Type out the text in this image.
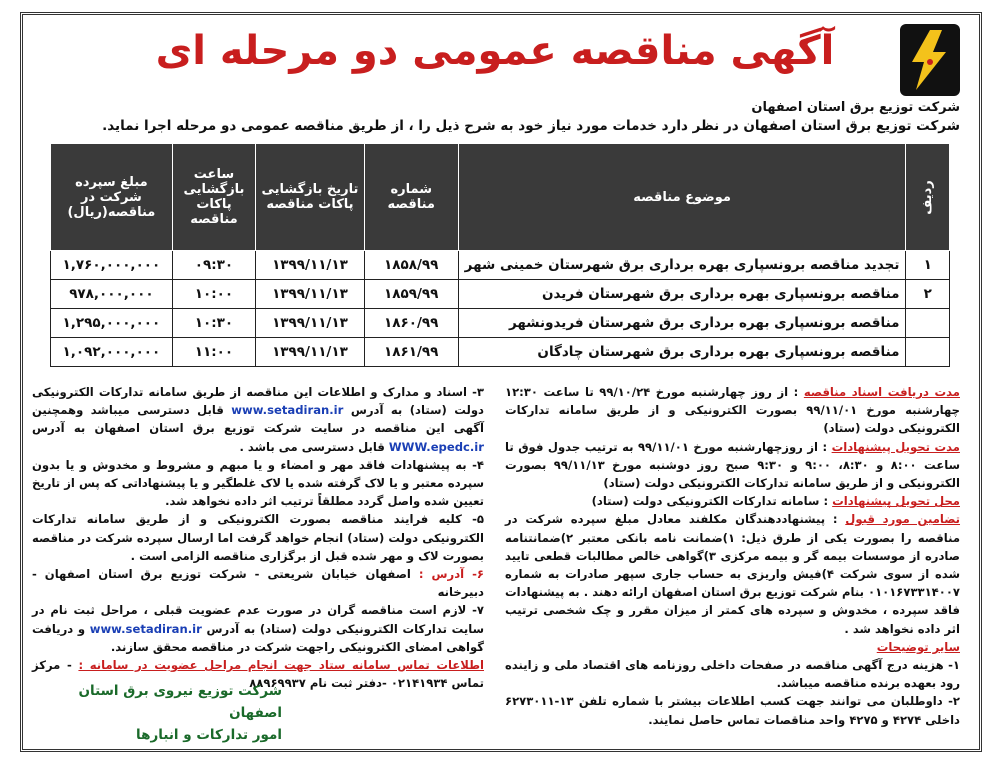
آگهی مناقصه عمومی دو مرحله ای
شرکت توزیع برق استان اصفهان
شرکت توزیع برق استان اصفهان در نظر دارد خدمات مورد نیاز خود به شرح ذیل را ، از طریق مناقصه عمومی دو مرحله اجرا نماید.
ردیف	موضوع مناقصه	شماره مناقصه	تاریخ بازگشایی پاکات مناقصه	ساعت بازگشایی پاکات مناقصه	مبلغ سپرده شرکت در مناقصه(ریال)
۱	تجدید مناقصه برونسپاری بهره برداری برق شهرستان خمینی شهر	۱۸۵۸/۹۹	۱۳۹۹/۱۱/۱۳	۰۹:۳۰	۱,۷۶۰,۰۰۰,۰۰۰
۲	مناقصه برونسپاری بهره برداری برق شهرستان فریدن	۱۸۵۹/۹۹	۱۳۹۹/۱۱/۱۳	۱۰:۰۰	۹۷۸,۰۰۰,۰۰۰
	مناقصه برونسپاری بهره برداری برق شهرستان فریدونشهر	۱۸۶۰/۹۹	۱۳۹۹/۱۱/۱۳	۱۰:۳۰	۱,۲۹۵,۰۰۰,۰۰۰
	مناقصه برونسپاری بهره برداری برق شهرستان چادگان	۱۸۶۱/۹۹	۱۳۹۹/۱۱/۱۳	۱۱:۰۰	۱,۰۹۲,۰۰۰,۰۰۰

مدت دریافت اسناد مناقصه : از روز چهارشنبه مورخ ۹۹/۱۰/۲۴ تا ساعت ۱۲:۳۰ چهارشنبه مورخ ۹۹/۱۱/۰۱ بصورت الکترونیکی و از طریق سامانه تدارکات الکترونیکی دولت (ستاد)

مدت تحویل پیشنهادات : از روزچهارشنبه مورخ ۹۹/۱۱/۰۱ به ترتیب جدول فوق تا ساعت ۸:۰۰ و ۸:۳۰، ۹:۰۰ و ۹:۳۰ صبح روز دوشنبه مورخ ۹۹/۱۱/۱۳ بصورت الکترونیکی و از طریق سامانه تدارکات الکترونیکی دولت (ستاد)

محل تحویل پیشنهادات : سامانه تدارکات الکترونیکی دولت (ستاد)

تضامین مورد قبول : پیشنهاددهندگان مکلفند معادل مبلغ سپرده شرکت در مناقصه را بصورت یکی از طرق ذیل: ۱)ضمانت نامه بانکی معتبر ۲)ضمانتنامه صادره از موسسات بیمه گر و بیمه مرکزی ۳)گواهی خالص مطالبات قطعی تایید شده از سوی شرکت ۴)فیش واریزی به حساب جاری سپهر صادرات به شماره ۰۱۰۱۶۷۳۳۱۴۰۰۷ بنام شرکت توزیع برق استان اصفهان ارائه دهند . به پیشنهادات فاقد سپرده ، مخدوش و سپرده های کمتر از میزان مقرر و چک شخصی ترتیب اثر داده نخواهد شد .

سایر توضیحات

۱- هزینه درج آگهی مناقصه در صفحات داخلی روزنامه های اقتصاد ملی و زاینده رود بعهده برنده مناقصه میباشد.

۲- داوطلبان می توانند جهت کسب اطلاعات بیشتر با شماره تلفن ۱۳-۶۲۷۳۰۱۱ داخلی ۴۲۷۴ و ۴۲۷۵ واحد مناقصات تماس حاصل نمایند.

۳- اسناد و مدارک و اطلاعات این مناقصه از طریق سامانه تدارکات الکترونیکی دولت (ستاد) به آدرس www.setadiran.ir قابل دسترسی میباشد وهمچنین آگهی این مناقصه در سایت شرکت توزیع برق استان اصفهان به آدرس WWW.epedc.ir قابل دسترسی می باشد .

۴- به پیشنهادات فاقد مهر و امضاء و یا مبهم و مشروط و مخدوش و یا بدون سپرده معتبر و یا لاک گرفته شده یا لاک غلطگیر و یا پیشنهاداتی که پس از تاریخ تعیین شده واصل گردد مطلقاً ترتیب اثر داده نخواهد شد.

۵- کلیه فرایند مناقصه بصورت الکترونیکی و از طریق سامانه تدارکات الکترونیکی دولت (ستاد) انجام خواهد گرفت اما ارسال سپرده شرکت در مناقصه بصورت لاک و مهر شده قبل از برگزاری مناقصه الزامی است .

۶- آدرس : اصفهان خیابان شریعتی - شرکت توزیع برق استان اصفهان - دبیرخانه

۷- لازم است مناقصه گران در صورت عدم عضویت قبلی ، مراحل ثبت نام در سایت تدارکات الکترونیکی دولت (ستاد) به آدرس www.setadiran.ir و دریافت گواهی امضای الکترونیکی راجهت شرکت در مناقصه محقق سازند.

اطلاعات تماس سامانه ستاد جهت انجام مراحل عضویت در سامانه : - مرکز تماس ۰۲۱۴۱۹۳۴ -دفتر ثبت نام ۸۸۹۶۹۹۳۷

شرکت توزیع نیروی برق استان اصفهان
امور تدارکات و انبارها
